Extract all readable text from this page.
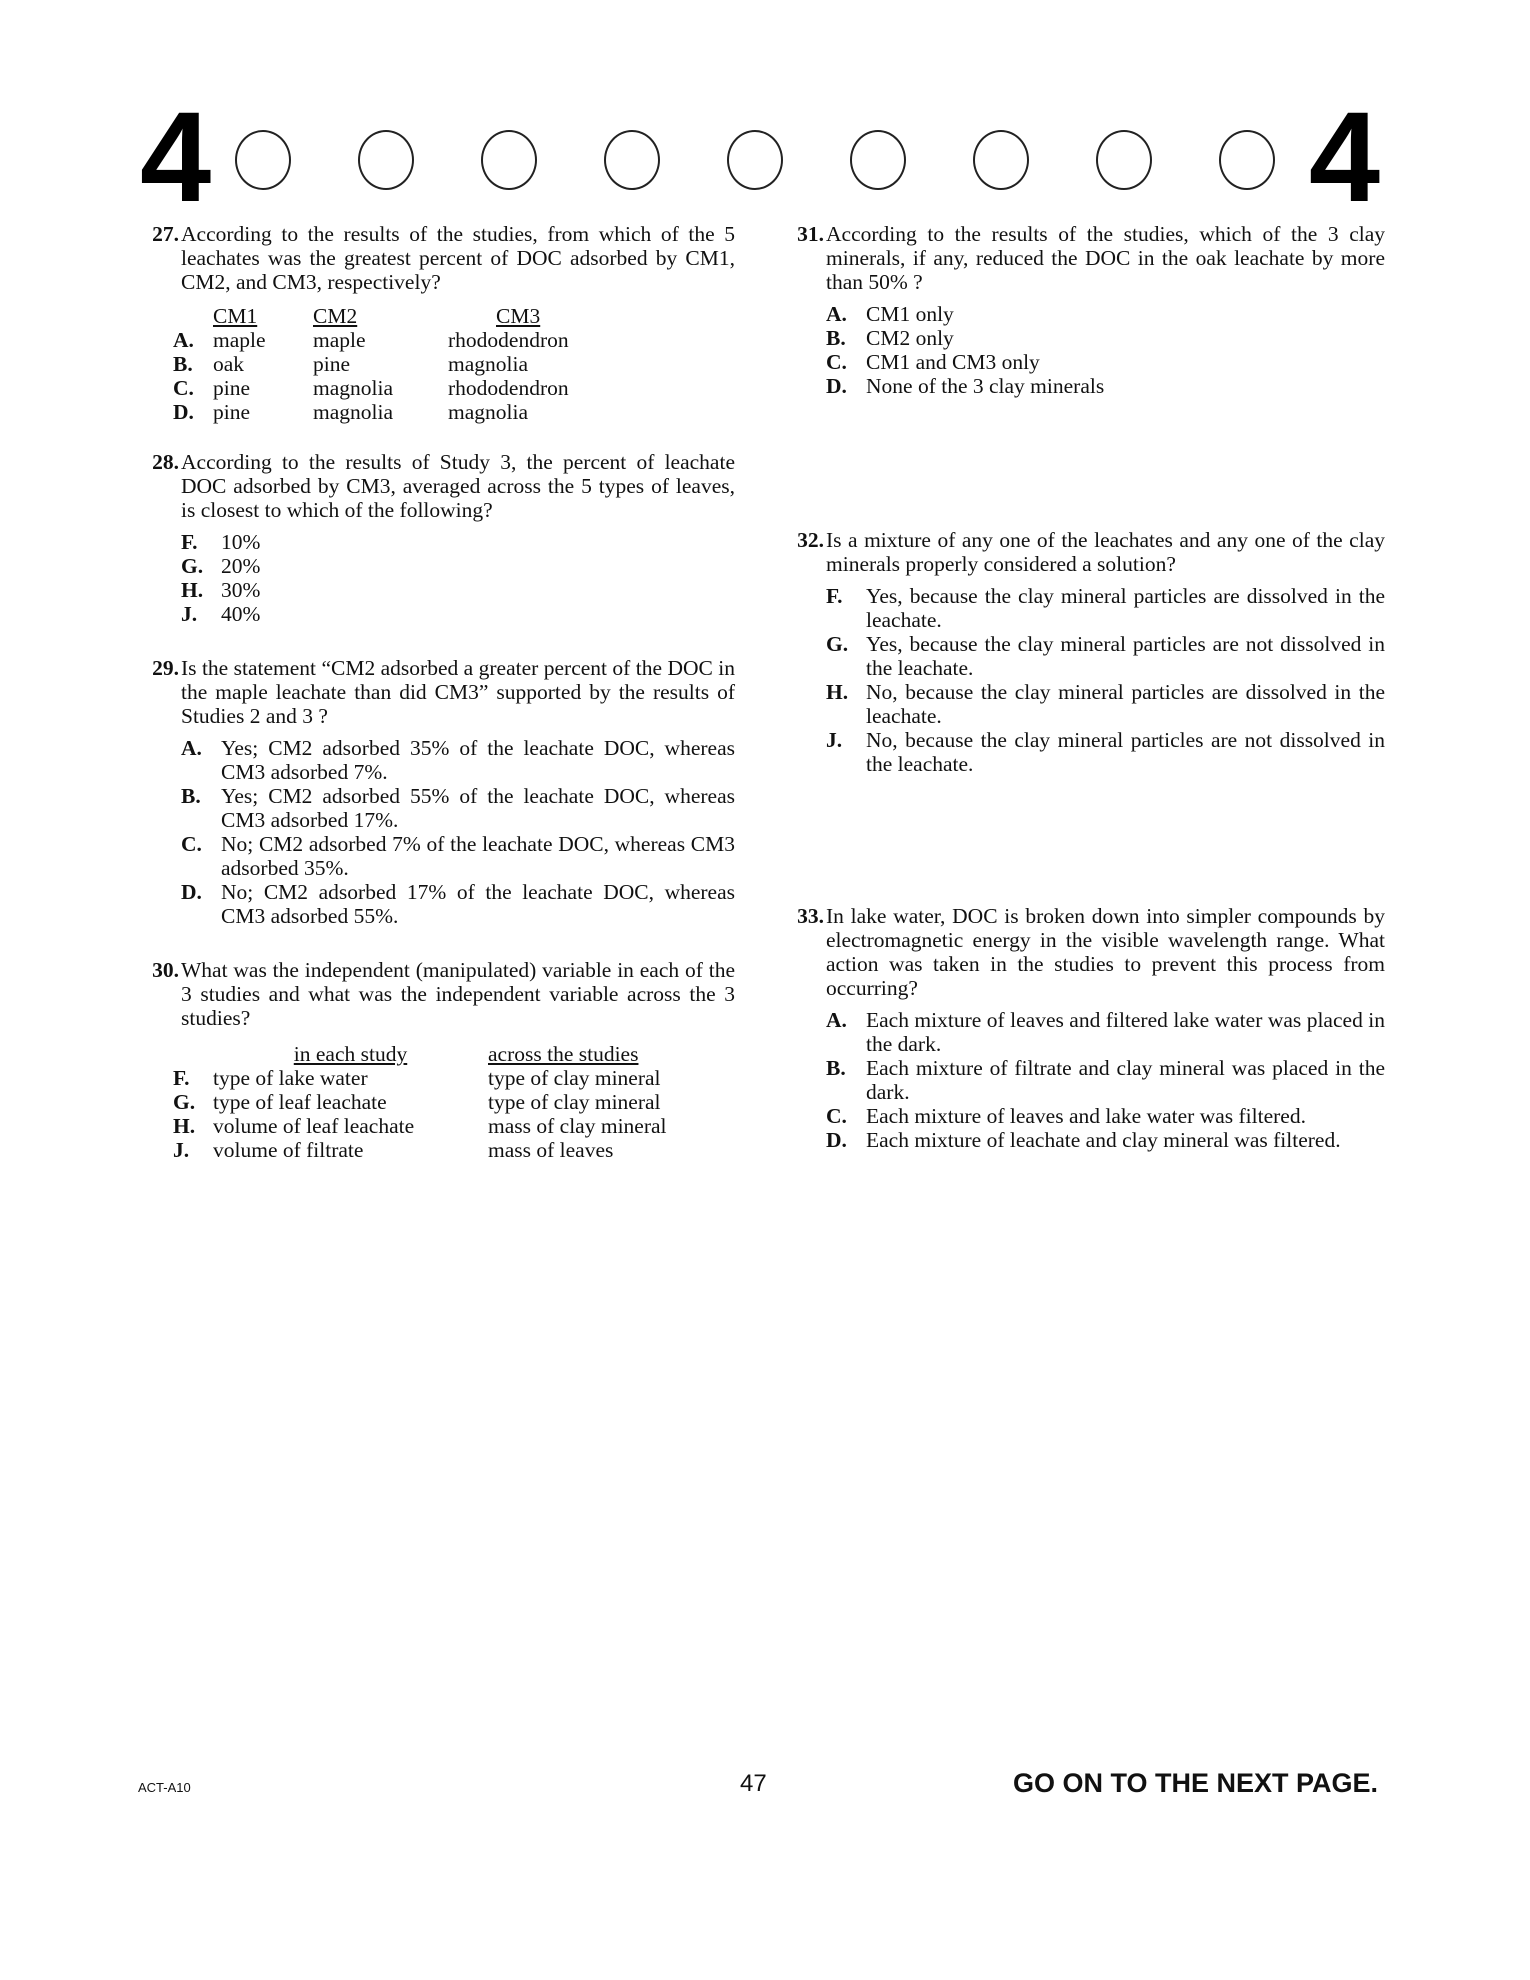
4	4
27. According to the results of the studies, from which of the 5 leachates was the greatest percent of DOC adsorbed by CM1, CM2, and CM3, respectively?
	CM1	CM2	CM3
A.	maple	maple	rhododendron
B.	oak	pine	magnolia
C.	pine	magnolia	rhododendron
D.	pine	magnolia	magnolia
28. According to the results of Study 3, the percent of leachate DOC adsorbed by CM3, averaged across the 5 types of leaves, is closest to which of the following?
F.	10%
G. 20%
H. 30%
J.	40%
29. Is the statement “CM2 adsorbed a greater percent of the DOC in the maple leachate than did CM3” supported by the results of Studies 2 and 3 ?
A. Yes; CM2 adsorbed 35% of the leachate DOC, whereas CM3 adsorbed 7%.
B. Yes; CM2 adsorbed 55% of the leachate DOC, whereas CM3 adsorbed 17%.
C. No; CM2 adsorbed 7% of the leachate DOC, whereas CM3 adsorbed 35%.
D. No; CM2 adsorbed 17% of the leachate DOC, whereas CM3 adsorbed 55%.
30. What was the independent (manipulated) variable in each of the 3 studies and what was the independent variable across the 3 studies?
	in each study	across the studies
F.	type of lake water	type of clay mineral
G.	type of leaf leachate	type of clay mineral
H.	volume of leaf leachate	mass of clay mineral
J.	volume of filtrate	mass of leaves
31. According to the results of the studies, which of the 3 clay minerals, if any, reduced the DOC in the oak leachate by more than 50% ?
A. CM1 only
B. CM2 only
C. CM1 and CM3 only
D. None of the 3 clay minerals
32. Is a mixture of any one of the leachates and any one of the clay minerals properly considered a solution?
F.	Yes, because the clay mineral particles are dissolved in the leachate.
G. Yes, because the clay mineral particles are not dissolved in the leachate.
H. No, because the clay mineral particles are dissolved in the leachate.
J.	No, because the clay mineral particles are not dissolved in the leachate.
33. In lake water, DOC is broken down into simpler compounds by electromagnetic energy in the visible wavelength range. What action was taken in the studies to prevent this process from occurring?
A. Each mixture of leaves and filtered lake water was placed in the dark.
B. Each mixture of filtrate and clay mineral was placed in the dark.
C. Each mixture of leaves and lake water was filtered.
D. Each mixture of leachate and clay mineral was filtered.
ACT-A10	47	GO ON TO THE NEXT PAGE.
